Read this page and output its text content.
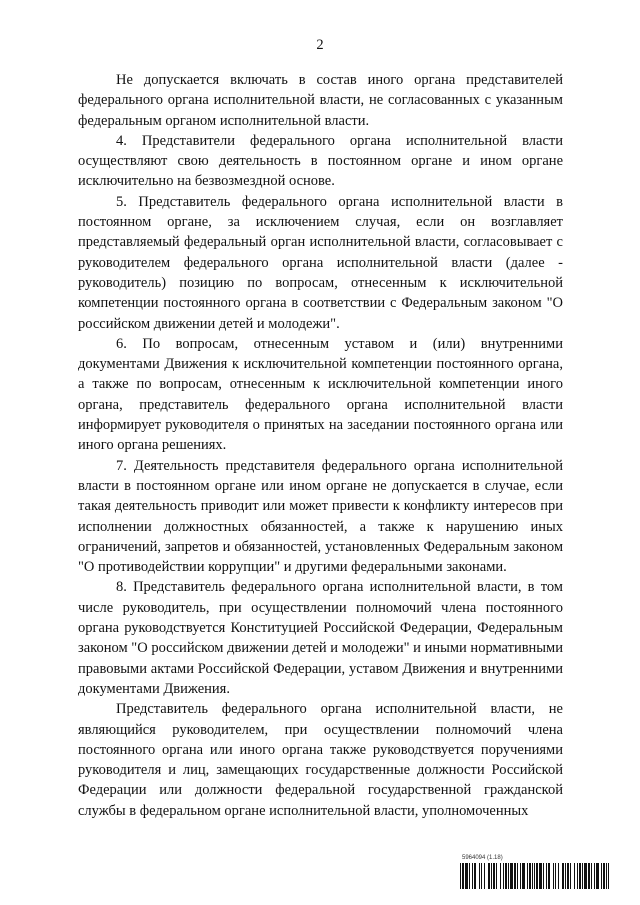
2

Не допускается включать в состав иного органа представителей федерального органа исполнительной власти, не согласованных с указанным федеральным органом исполнительной власти.

4. Представители федерального органа исполнительной власти осуществляют свою деятельность в постоянном органе и ином органе исключительно на безвозмездной основе.

5. Представитель федерального органа исполнительной власти в постоянном органе, за исключением случая, если он возглавляет представляемый федеральный орган исполнительной власти, согласовывает с руководителем федерального органа исполнительной власти (далее - руководитель) позицию по вопросам, отнесенным к исключительной компетенции постоянного органа в соответствии с Федеральным законом "О российском движении детей и молодежи".

6. По вопросам, отнесенным уставом и (или) внутренними документами Движения к исключительной компетенции постоянного органа, а также по вопросам, отнесенным к исключительной компетенции иного органа, представитель федерального органа исполнительной власти информирует руководителя о принятых на заседании постоянного органа или иного органа решениях.

7. Деятельность представителя федерального органа исполнительной власти в постоянном органе или ином органе не допускается в случае, если такая деятельность приводит или может привести к конфликту интересов при исполнении должностных обязанностей, а также к нарушению иных ограничений, запретов и обязанностей, установленных Федеральным законом "О противодействии коррупции" и другими федеральными законами.

8. Представитель федерального органа исполнительной власти, в том числе руководитель, при осуществлении полномочий члена постоянного органа руководствуется Конституцией Российской Федерации, Федеральным законом "О российском движении детей и молодежи" и иными нормативными правовыми актами Российской Федерации, уставом Движения и внутренними документами Движения.

Представитель федерального органа исполнительной власти, не являющийся руководителем, при осуществлении полномочий члена постоянного органа или иного органа также руководствуется поручениями руководителя и лиц, замещающих государственные должности Российской Федерации или должности федеральной государственной гражданской службы в федеральном органе исполнительной власти, уполномоченных

5964094 (1.18)
